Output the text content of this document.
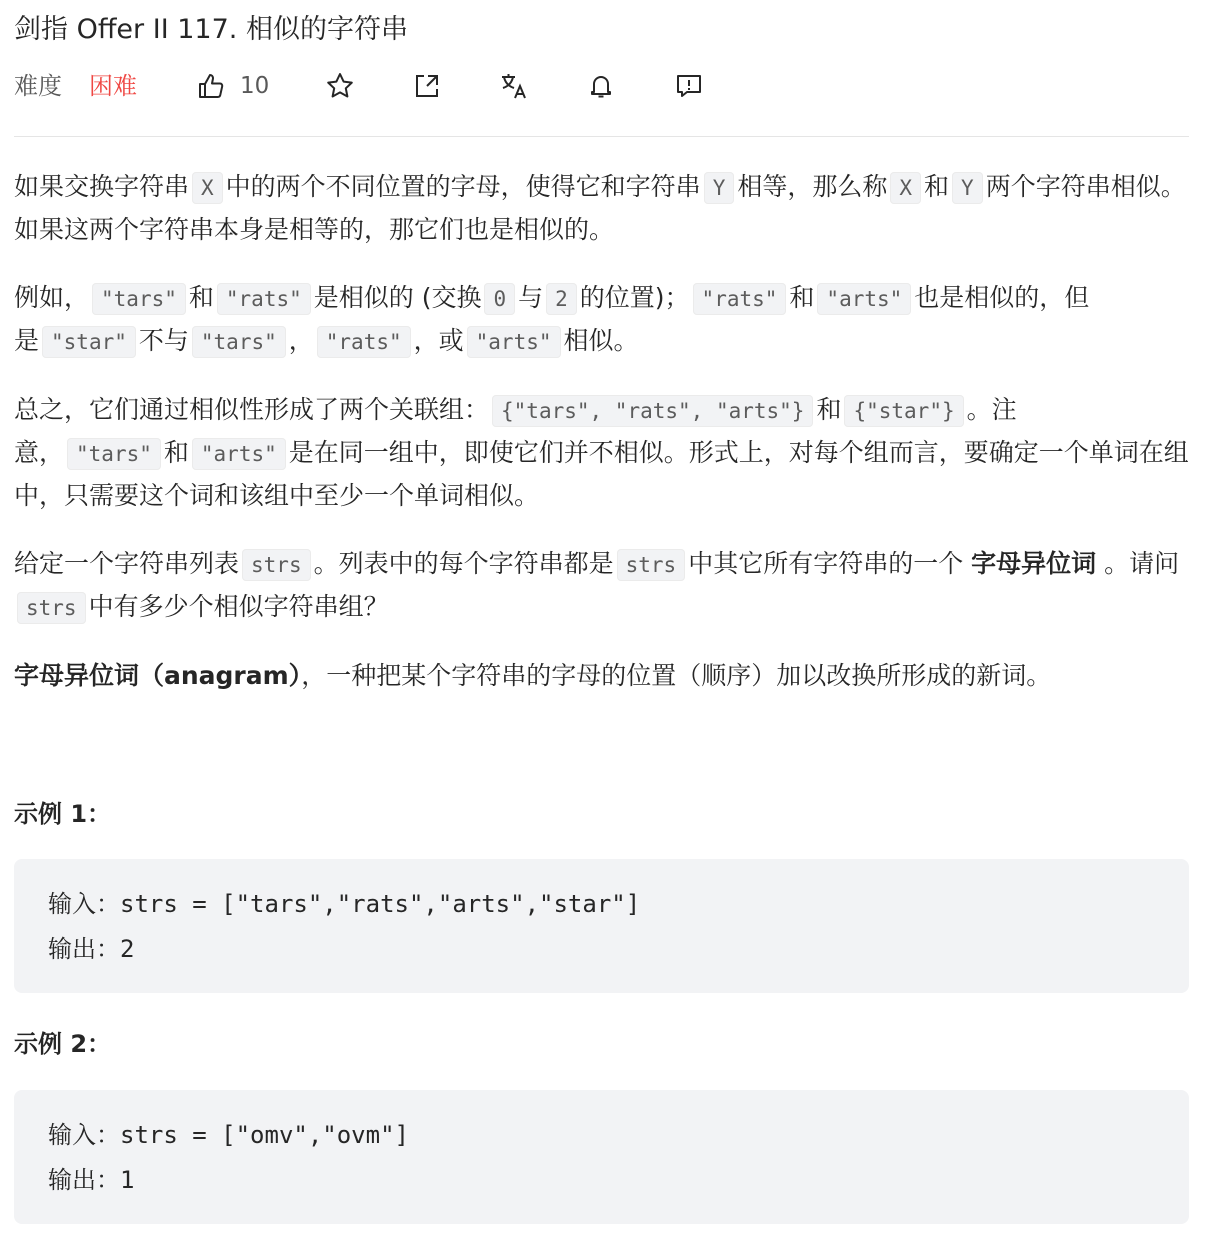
剑指 Offer II 117. 相似的字符串
难度 困难	10

如果交换字符串 X 中的两个不同位置的字母，使得它和字符串 Y 相等，那么称 X 和 Y 两个字符串相似。如果这两个字符串本身是相等的，那它们也是相似的。

例如， "tars" 和 "rats" 是相似的 (交换 0 与 2 的位置)； "rats" 和 "arts" 也是相似的，但是 "star" 不与 "tars" ， "rats" ，或 "arts" 相似。

总之，它们通过相似性形成了两个关联组： {"tars", "rats", "arts"} 和 {"star"} 。注意， "tars" 和 "arts" 是在同一组中，即使它们并不相似。形式上，对每个组而言，要确定一个单词在组中，只需要这个词和该组中至少一个单词相似。

给定一个字符串列表 strs 。列表中的每个字符串都是 strs 中其它所有字符串的一个 字母异位词 。请问strs 中有多少个相似字符串组？

字母异位词（anagram），一种把某个字符串的字母的位置（顺序）加以改换所形成的新词。

示例 1：
输入：strs = ["tars","rats","arts","star"]
输出：2
示例 2：
输入：strs = ["omv","ovm"]
输出：1
